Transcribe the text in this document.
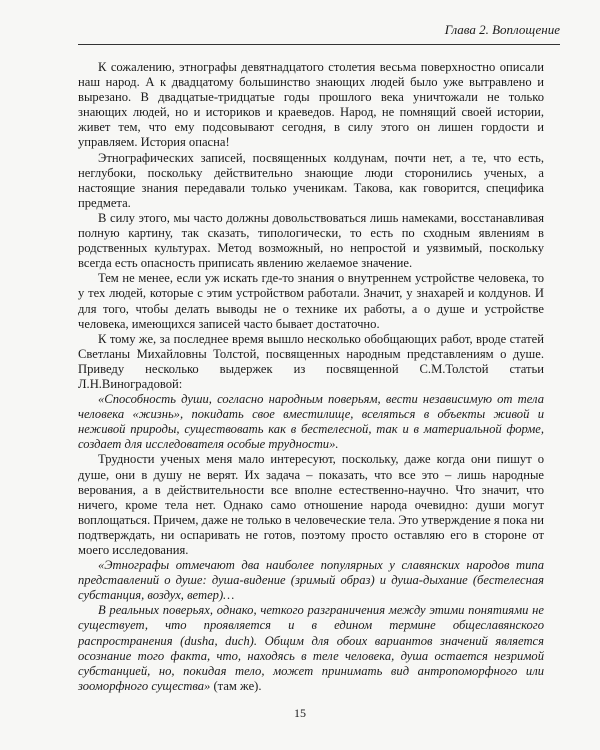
Глава 2. Воплощение

К сожалению, этнографы девятнадцатого столетия весьма поверхностно описали наш народ. А к двадцатому большинство знающих людей было уже вытравлено и вырезано. В двадцатые-тридцатые годы прошлого века уничтожали не только знающих людей, но и историков и краеведов. Народ, не помнящий своей истории, живет тем, что ему подсовывают сегодня, в силу этого он лишен гордости и управляем. История опасна!

Этнографических записей, посвященных колдунам, почти нет, а те, что есть, неглубоки, поскольку действительно знающие люди сторонились ученых, а настоящие знания передавали только ученикам. Такова, как говорится, специфика предмета.

В силу этого, мы часто должны довольствоваться лишь намеками, восстанавливая полную картину, так сказать, типологически, то есть по сходным явлениям в родственных культурах. Метод возможный, но непростой и уязвимый, поскольку всегда есть опасность приписать явлению желаемое значение.

Тем не менее, если уж искать где-то знания о внутреннем устройстве человека, то у тех людей, которые с этим устройством работали. Значит, у знахарей и колдунов. И для того, чтобы делать выводы не о технике их работы, а о душе и устройстве человека, имеющихся записей часто бывает достаточно.

К тому же, за последнее время вышло несколько обобщающих работ, вроде статей Светланы Михайловны Толстой, посвященных народным представлениям о душе. Приведу несколько выдержек из посвященной С.М.Толстой статьи Л.Н.Виноградовой:

«Способность души, согласно народным поверьям, вести независимую от тела человека «жизнь», покидать свое вместилище, вселяться в объекты живой и неживой природы, существовать как в бестелесной, так и в материальной форме, создает для исследователя особые трудности».

Трудности ученых меня мало интересуют, поскольку, даже когда они пишут о душе, они в душу не верят. Их задача – показать, что все это – лишь народные верования, а в действительности все вполне естественно-научно. Что значит, что ничего, кроме тела нет. Однако само отношение народа очевидно: души могут воплощаться. Причем, даже не только в человеческие тела. Это утверждение я пока ни подтверждать, ни оспаривать не готов, поэтому просто оставляю его в стороне от моего исследования.

«Этнографы отмечают два наиболее популярных у славянских народов типа представлений о душе: душа-видение (зримый образ) и душа-дыхание (бестелесная субстанция, воздух, ветер)…

В реальных поверьях, однако, четкого разграничения между этими понятиями не существует, что проявляется и в едином термине общеславянского распространения (dusha, duch). Общим для обоих вариантов значений является осознание того факта, что, находясь в теле человека, душа остается незримой субстанцией, но, покидая тело, может принимать вид антропоморфного или зооморфного существа» (там же).

15
